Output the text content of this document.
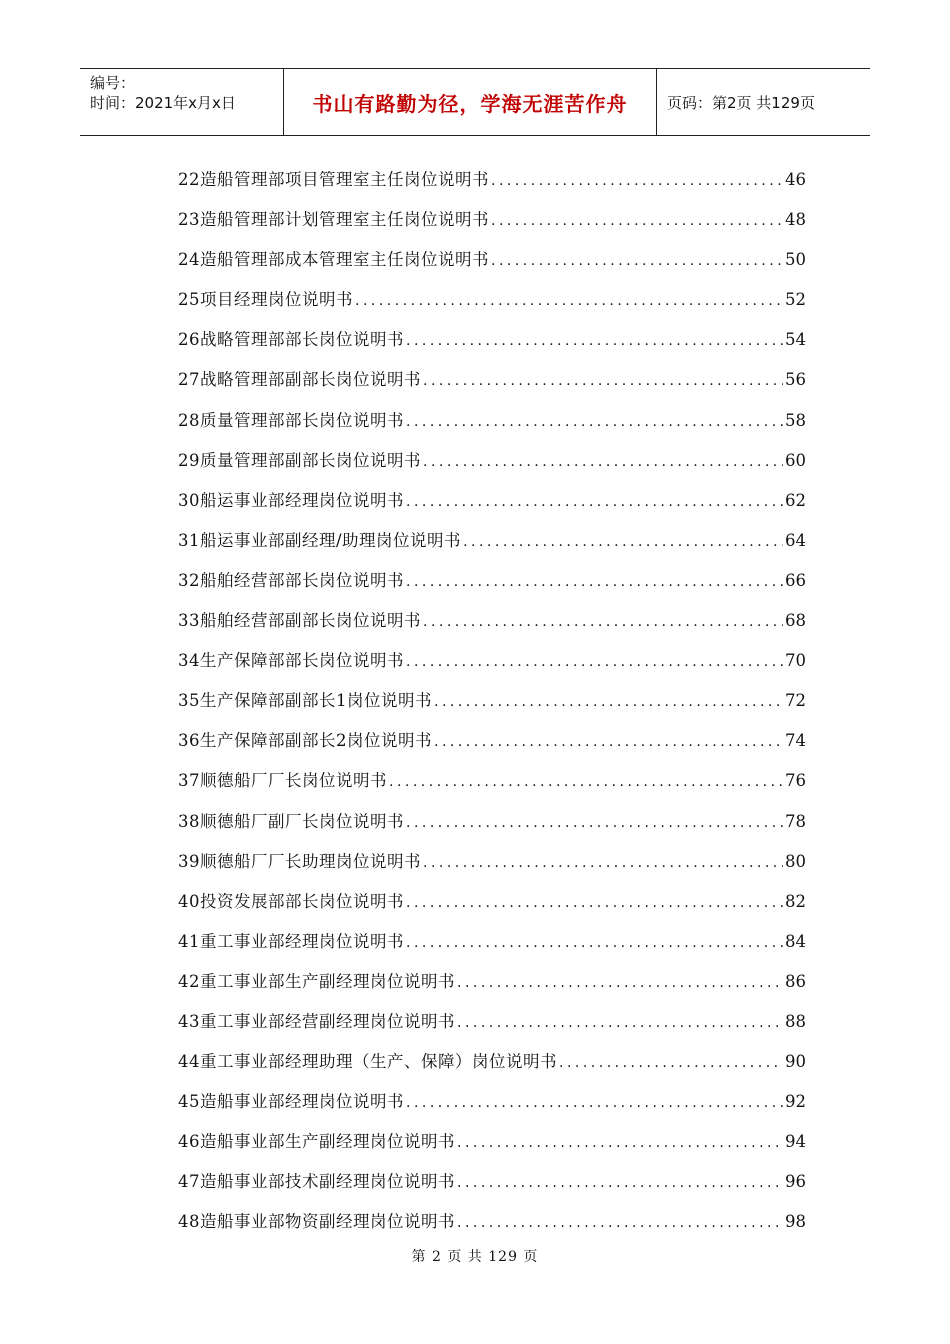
编号：
时间：2021年x月x日	书山有路勤为径，学海无涯苦作舟	页码：第2页 共129页
22造船管理部项目管理室主任岗位说明书 .....	46
23造船管理部计划管理室主任岗位说明书 .....	48
24造船管理部成本管理室主任岗位说明书 .....	50
25项目经理岗位说明书 .....	52
26战略管理部部长岗位说明书 .....	54
27战略管理部副部长岗位说明书 .....	56
28质量管理部部长岗位说明书 .....	58
29质量管理部副部长岗位说明书 .....	60
30船运事业部经理岗位说明书 .....	62
31船运事业部副经理/助理岗位说明书 .....	64
32船舶经营部部长岗位说明书 .....	66
33船舶经营部副部长岗位说明书 .....	68
34生产保障部部长岗位说明书 .....	70
35生产保障部副部长1岗位说明书 .....	72
36生产保障部副部长2岗位说明书 .....	74
37顺德船厂厂长岗位说明书 .....	76
38顺德船厂副厂长岗位说明书 .....	78
39顺德船厂厂长助理岗位说明书 .....	80
40投资发展部部长岗位说明书 .....	82
41重工事业部经理岗位说明书 .....	84
42重工事业部生产副经理岗位说明书 .....	86
43重工事业部经营副经理岗位说明书 .....	88
44重工事业部经理助理（生产、保障）岗位说明书 .....	90
45造船事业部经理岗位说明书 .....	92
46造船事业部生产副经理岗位说明书 .....	94
47造船事业部技术副经理岗位说明书 .....	96
48造船事业部物资副经理岗位说明书 .....	98
第 2 页 共 129 页
